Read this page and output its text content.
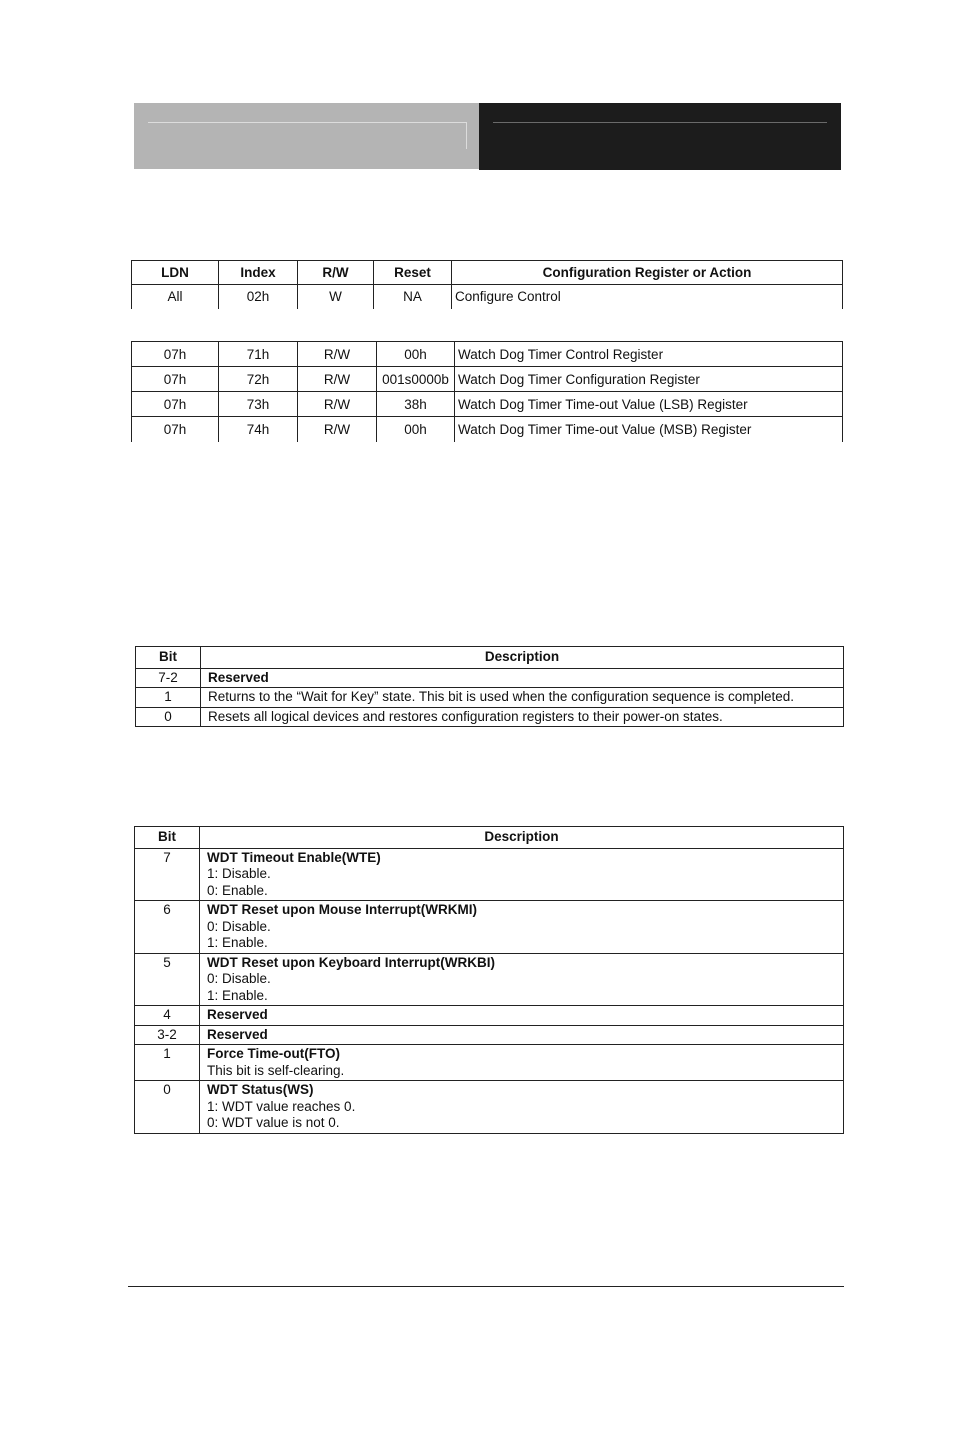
LDN	Index	R/W	Reset	Configuration Register or Action
All	02h	W	NA	Configure Control
07h	71h	R/W	00h	Watch Dog Timer Control Register
07h	72h	R/W	001s0000b	Watch Dog Timer Configuration Register
07h	73h	R/W	38h	Watch Dog Timer Time-out Value (LSB) Register
07h	74h	R/W	00h	Watch Dog Timer Time-out Value (MSB) Register
Bit	Description
7-2	Reserved

1	Returns to the “Wait for Key” state. This bit is used when the configuration sequence is completed.

0	Resets all logical devices and restores configuration registers to their power-on states.
Bit	Description
7	WDT Timeout Enable(WTE)
1: Disable.
0: Enable.

6	WDT Reset upon Mouse Interrupt(WRKMI)
0: Disable.
1: Enable.

5	WDT Reset upon Keyboard Interrupt(WRKBI)
0: Disable.
1: Enable.

4	Reserved

3-2	Reserved

1	Force Time-out(FTO)
This bit is self-clearing.

0	WDT Status(WS)
1: WDT value reaches 0.
0: WDT value is not 0.
